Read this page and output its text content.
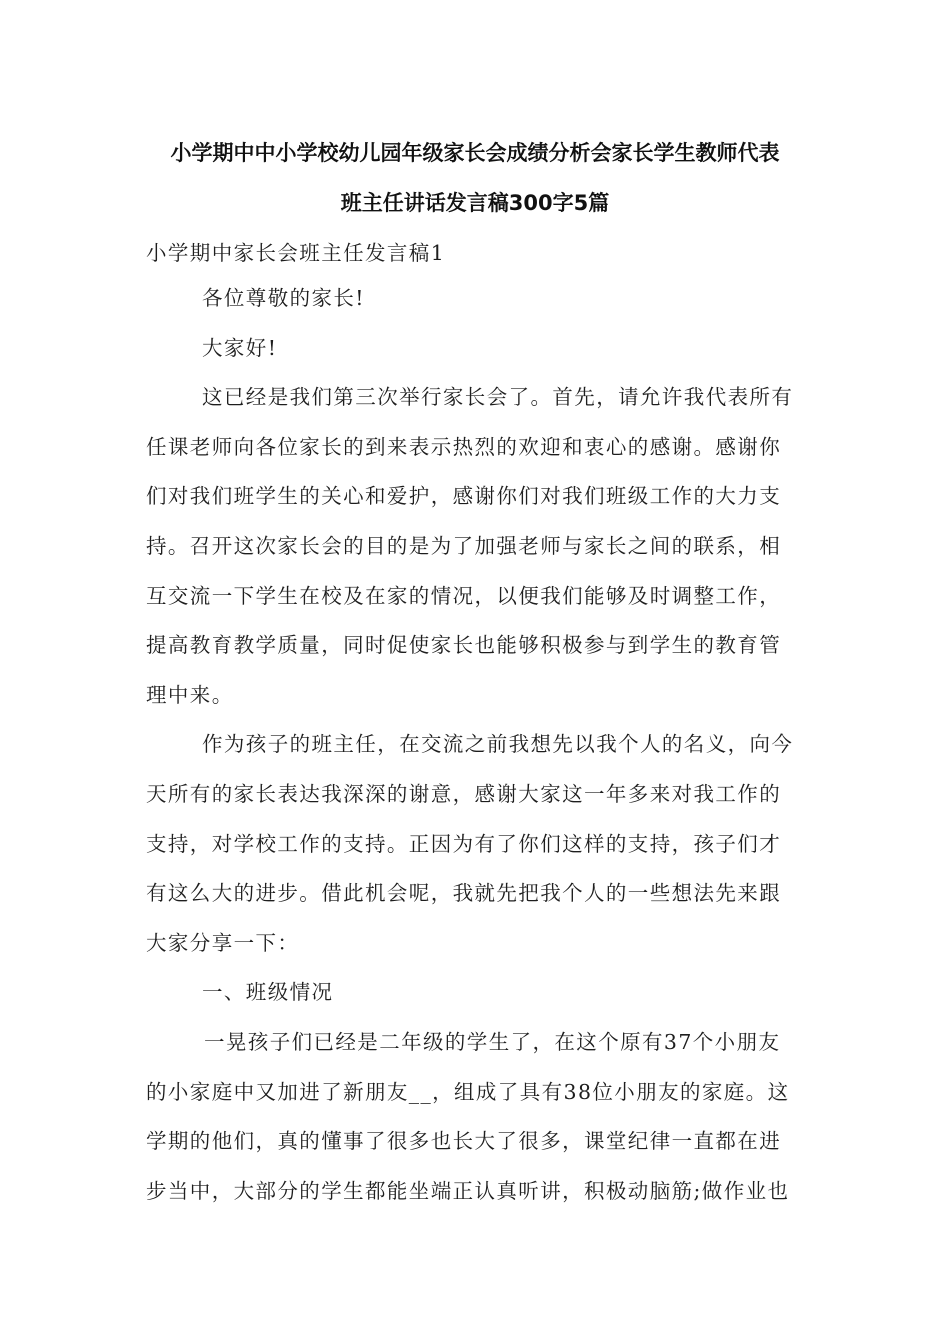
小学期中中小学校幼儿园年级家长会成绩分析会家长学生教师代表
班主任讲话发言稿300字5篇
小学期中家长会班主任发言稿1
各位尊敬的家长!
大家好!
这已经是我们第三次举行家长会了。首先，请允许我代表所有
任课老师向各位家长的到来表示热烈的欢迎和衷心的感谢。感谢你
们对我们班学生的关心和爱护，感谢你们对我们班级工作的大力支
持。召开这次家长会的目的是为了加强老师与家长之间的联系，相
互交流一下学生在校及在家的情况，以便我们能够及时调整工作，
提高教育教学质量，同时促使家长也能够积极参与到学生的教育管
理中来。
作为孩子的班主任，在交流之前我想先以我个人的名义，向今
天所有的家长表达我深深的谢意，感谢大家这一年多来对我工作的
支持，对学校工作的支持。正因为有了你们这样的支持，孩子们才
有这么大的进步。借此机会呢，我就先把我个人的一些想法先来跟
大家分享一下：
一、班级情况
一晃孩子们已经是二年级的学生了，在这个原有37个小朋友
的小家庭中又加进了新朋友__，组成了具有38位小朋友的家庭。这
学期的他们，真的懂事了很多也长大了很多，课堂纪律一直都在进
步当中，大部分的学生都能坐端正认真听讲，积极动脑筋;做作业也
